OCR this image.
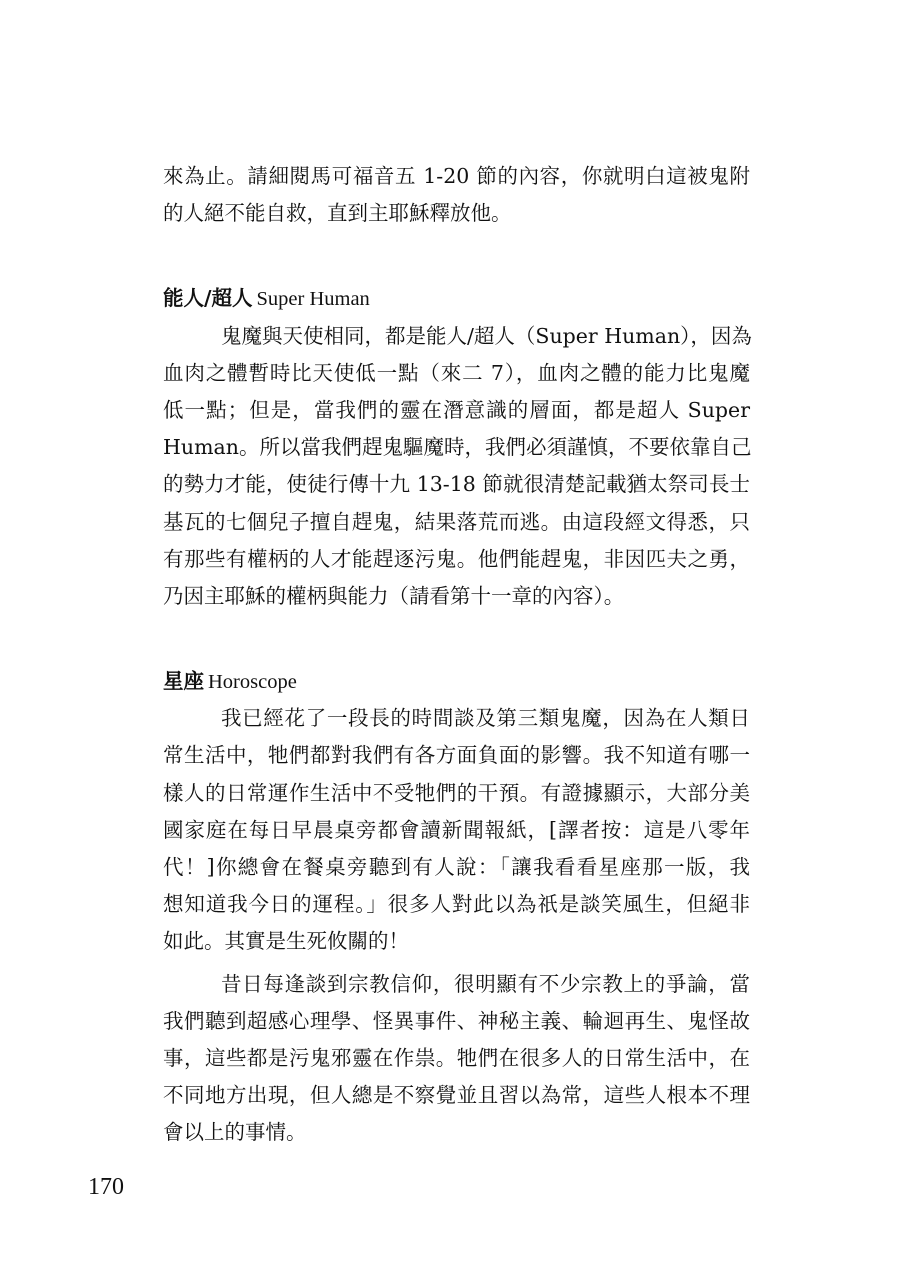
來為止。請細閱馬可福音五 1-20 節的內容，你就明白這被鬼附
的人絕不能自救，直到主耶穌釋放他。
能人/超人 Super Human
鬼魔與天使相同，都是能人/超人（Super Human），因為
血肉之體暫時比天使低一點（來二 7），血肉之體的能力比鬼魔
低一點；但是，當我們的靈在潛意識的層面，都是超人 Super
Human。所以當我們趕鬼驅魔時，我們必須謹慎，不要依靠自己
的勢力才能，使徒行傳十九 13-18 節就很清楚記載猶太祭司長士
基瓦的七個兒子擅自趕鬼，結果落荒而逃。由這段經文得悉，只
有那些有權柄的人才能趕逐污鬼。他們能趕鬼，非因匹夫之勇，
乃因主耶穌的權柄與能力（請看第十一章的內容）。
星座 Horoscope
我已經花了一段長的時間談及第三類鬼魔，因為在人類日
常生活中，牠們都對我們有各方面負面的影響。我不知道有哪一
樣人的日常運作生活中不受牠們的干預。有證據顯示，大部分美
國家庭在每日早晨桌旁都會讀新聞報紙，[譯者按：這是八零年
代！]你總會在餐桌旁聽到有人說：「讓我看看星座那一版，我
想知道我今日的運程。」很多人對此以為祇是談笑風生，但絕非
如此。其實是生死攸關的！
昔日每逢談到宗教信仰，很明顯有不少宗教上的爭論，當
我們聽到超感心理學、怪異事件、神秘主義、輪迴再生、鬼怪故
事，這些都是污鬼邪靈在作祟。牠們在很多人的日常生活中，在
不同地方出現，但人總是不察覺並且習以為常，這些人根本不理
會以上的事情。
170
